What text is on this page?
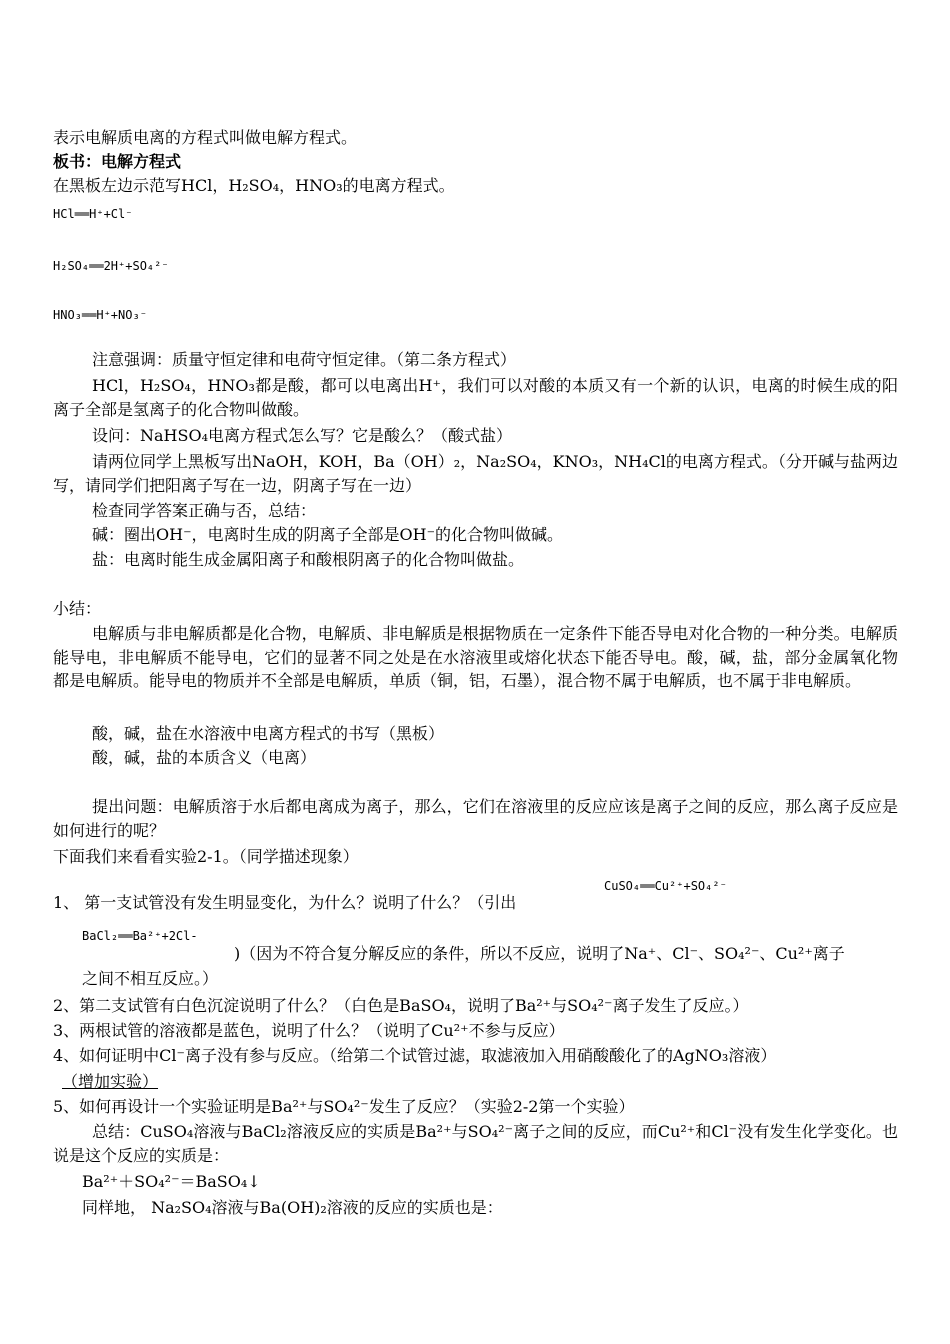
表示电解质电离的方程式叫做电解方程式。
板书：电解方程式
在黑板左边示范写HCl，H₂SO₄，HNO₃的电离方程式。
HCl══H⁺+Cl⁻
H₂SO₄══2H⁺+SO₄²⁻
HNO₃══H⁺+NO₃⁻
注意强调：质量守恒定律和电荷守恒定律。（第二条方程式）
HCl，H₂SO₄，HNO₃都是酸，都可以电离出H⁺，我们可以对酸的本质又有一个新的认识，电离的时候生成的阳离子全部是氢离子的化合物叫做酸。
设问：NaHSO₄电离方程式怎么写？它是酸么？（酸式盐）
请两位同学上黑板写出NaOH，KOH，Ba（OH）₂，Na₂SO₄，KNO₃，NH₄Cl的电离方程式。（分开碱与盐两边写，请同学们把阳离子写在一边，阴离子写在一边）
检查同学答案正确与否，总结：
碱：圈出OH⁻，电离时生成的阴离子全部是OH⁻的化合物叫做碱。
盐：电离时能生成金属阳离子和酸根阴离子的化合物叫做盐。
小结：
电解质与非电解质都是化合物，电解质、非电解质是根据物质在一定条件下能否导电对化合物的一种分类。电解质能导电，非电解质不能导电，它们的显著不同之处是在水溶液里或熔化状态下能否导电。酸，碱，盐，部分金属氧化物都是电解质。能导电的物质并不全部是电解质，单质（铜，铝，石墨），混合物不属于电解质，也不属于非电解质。
酸，碱，盐在水溶液中电离方程式的书写（黑板）
酸，碱，盐的本质含义（电离）
提出问题：电解质溶于水后都电离成为离子，那么，它们在溶液里的反应应该是离子之间的反应，那么离子反应是如何进行的呢？
下面我们来看看实验2-1。（同学描述现象）
1、 第一支试管没有发生明显变化，为什么？说明了什么？（引出
CuSO₄══Cu²⁺+SO₄²⁻
BaCl₂══Ba²⁺+2Cl-
)（因为不符合复分解反应的条件，所以不反应，说明了Na⁺、Cl⁻、SO₄²⁻、Cu²⁺离子
之间不相互反应。）
2、第二支试管有白色沉淀说明了什么？（白色是BaSO₄，说明了Ba²⁺与SO₄²⁻离子发生了反应。）
3、两根试管的溶液都是蓝色，说明了什么？（说明了Cu²⁺不参与反应）
4、如何证明中Cl⁻离子没有参与反应。（给第二个试管过滤，取滤液加入用硝酸酸化了的AgNO₃溶液）
（增加实验）
5、如何再设计一个实验证明是Ba²⁺与SO₄²⁻发生了反应？（实验2-2第一个实验）
总结：CuSO₄溶液与BaCl₂溶液反应的实质是Ba²⁺与SO₄²⁻离子之间的反应，而Cu²⁺和Cl⁻没有发生化学变化。也说是这个反应的实质是：
Ba²⁺＋SO₄²⁻＝BaSO₄↓
同样地， Na₂SO₄溶液与Ba(OH)₂溶液的反应的实质也是：
